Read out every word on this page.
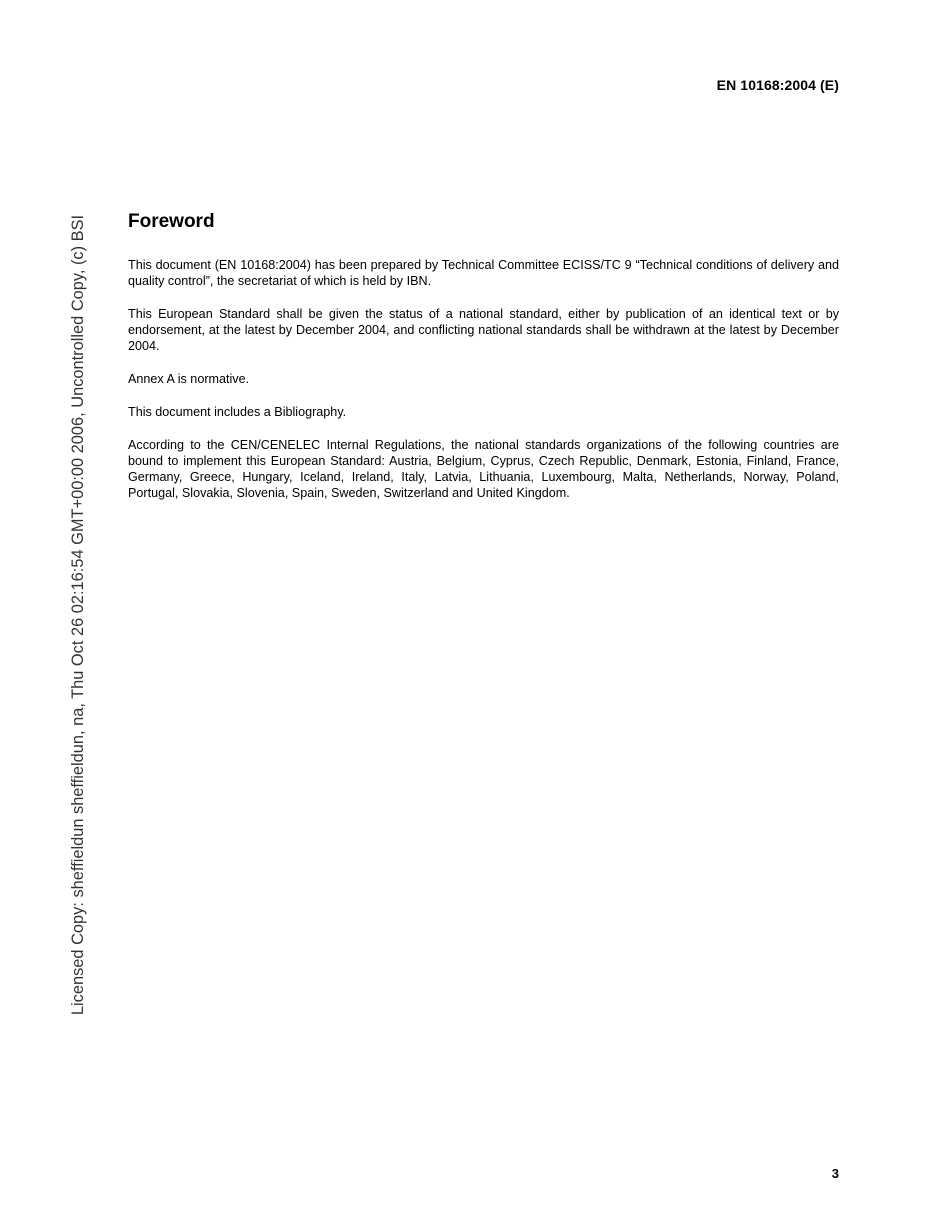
EN 10168:2004 (E)
Licensed Copy: sheffieldun sheffieldun, na, Thu Oct 26 02:16:54 GMT+00:00 2006, Uncontrolled Copy, (c) BSI Foreword

This document (EN 10168:2004) has been prepared by Technical Committee ECISS/TC 9 “Technical conditions of delivery and quality control”, the secretariat of which is held by IBN.

This European Standard shall be given the status of a national standard, either by publication of an identical text or by endorsement, at the latest by December 2004, and conflicting national standards shall be withdrawn at the latest by December 2004.

Annex A is normative.

This document includes a Bibliography.

According to the CEN/CENELEC Internal Regulations, the national standards organizations of the following countries are bound to implement this European Standard: Austria, Belgium, Cyprus, Czech Republic, Denmark, Estonia, Finland, France, Germany, Greece, Hungary, Iceland, Ireland, Italy, Latvia, Lithuania, Luxembourg, Malta, Netherlands, Norway, Poland, Portugal, Slovakia, Slovenia, Spain, Sweden, Switzerland and United Kingdom.

3
